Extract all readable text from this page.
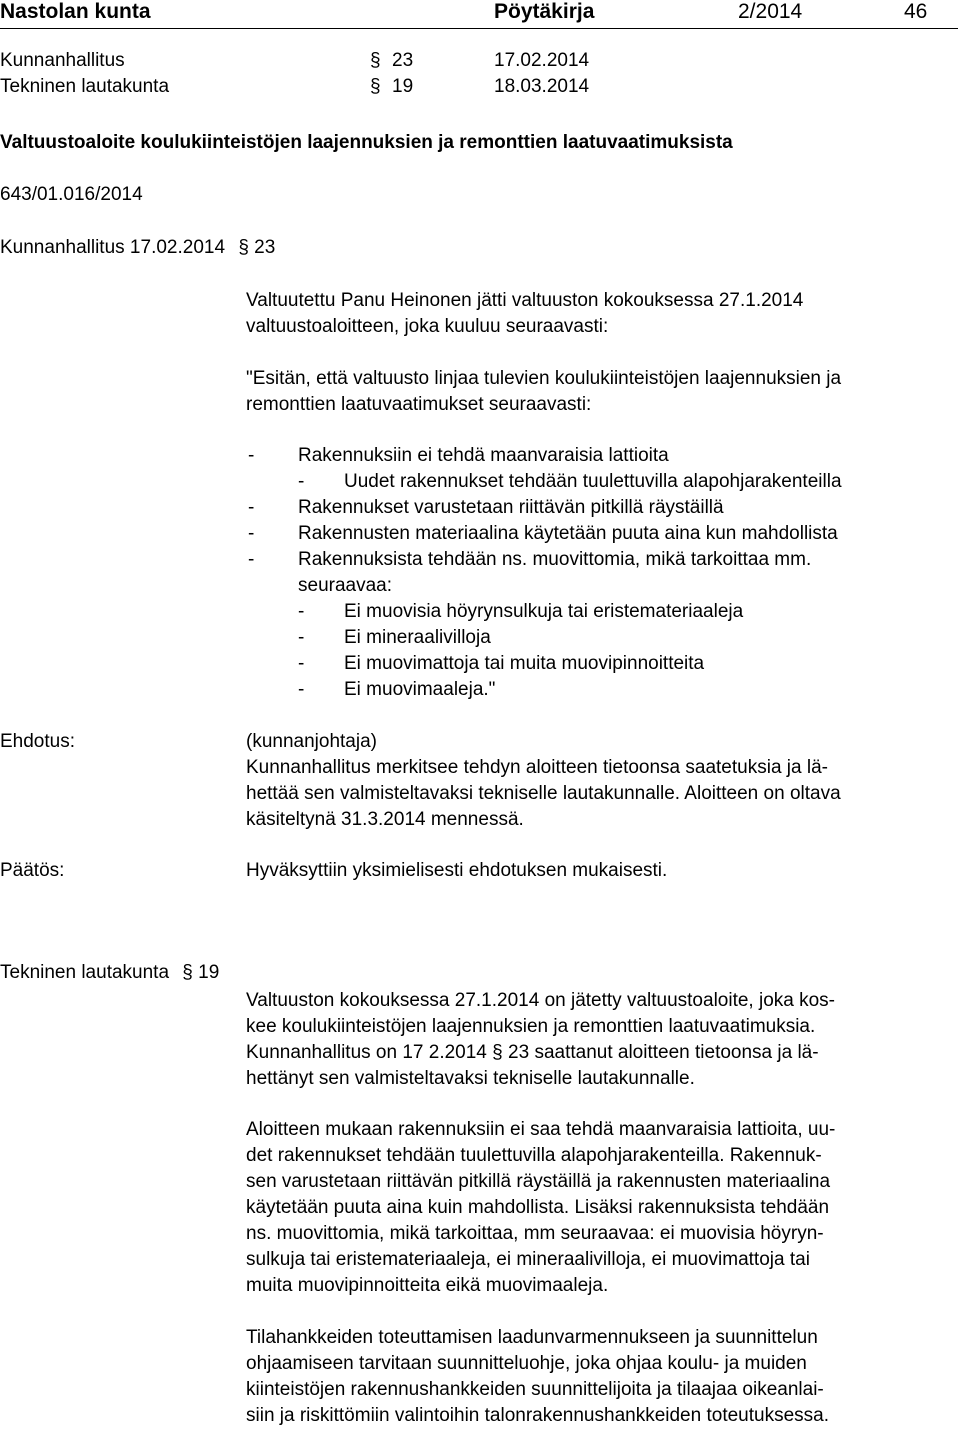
Nastolan kunta	Pöytäkirja	2/2014	46
Kunnanhallitus	§ 23	17.02.2014
Tekninen lautakunta	§ 19	18.03.2014
Valtuustoaloite koulukiinteistöjen laajennuksien ja remonttien laatuvaatimuksista
643/01.016/2014
Kunnanhallitus 17.02.2014 § 23
Valtuutettu Panu Heinonen jätti valtuuston kokouksessa 27.1.2014
valtuustoaloitteen, joka kuuluu seuraavasti:
"Esitän, että valtuusto linjaa tulevien koulukiinteistöjen laajennuksien ja
remonttien laatuvaatimukset seuraavasti:
- Rakennuksiin ei tehdä maanvaraisia lattioita
- Uudet rakennukset tehdään tuulettuvilla alapohjarakenteilla
- Rakennukset varustetaan riittävän pitkillä räystäillä
- Rakennusten materiaalina käytetään puuta aina kun mahdollista
- Rakennuksista tehdään ns. muovittomia, mikä tarkoittaa mm.
seuraavaa:
- Ei muovisia höyrynsulkuja tai eristemateriaaleja
- Ei mineraalivilloja
- Ei muovimattoja tai muita muovipinnoitteita
- Ei muovimaaleja."
Ehdotus:	(kunnanjohtaja)
Kunnanhallitus merkitsee tehdyn aloitteen tietoonsa saatetuksia ja lä-
hettää sen valmisteltavaksi tekniselle lautakunnalle. Aloitteen on oltava
käsiteltynä 31.3.2014 mennessä.
Päätös:	Hyväksyttiin yksimielisesti ehdotuksen mukaisesti.
Tekninen lautakunta § 19
Valtuuston kokouksessa 27.1.2014 on jätetty valtuustoaloite, joka kos-
kee koulukiinteistöjen laajennuksien ja remonttien laatuvaatimuksia.
Kunnanhallitus on 17 2.2014 § 23 saattanut aloitteen tietoonsa ja lä-
hettänyt sen valmisteltavaksi tekniselle lautakunnalle.
Aloitteen mukaan rakennuksiin ei saa tehdä maanvaraisia lattioita, uu-
det rakennukset tehdään tuulettuvilla alapohjarakenteilla. Rakennuk-
sen varustetaan riittävän pitkillä räystäillä ja rakennusten materiaalina
käytetään puuta aina kuin mahdollista. Lisäksi rakennuksista tehdään
ns. muovittomia, mikä tarkoittaa, mm seuraavaa: ei muovisia höyryn-
sulkuja tai eristemateriaaleja, ei mineraalivilloja, ei muovimattoja tai
muita muovipinnoitteita eikä muovimaaleja.
Tilahankkeiden toteuttamisen laadunvarmennukseen ja suunnittelun
ohjaamiseen tarvitaan suunnitteluohje, joka ohjaa koulu- ja muiden
kiinteistöjen rakennushankkeiden suunnittelijoita ja tilaajaa oikeanlai-
siin ja riskittömiin valintoihin talonrakennushankkeiden toteutuksessa.
